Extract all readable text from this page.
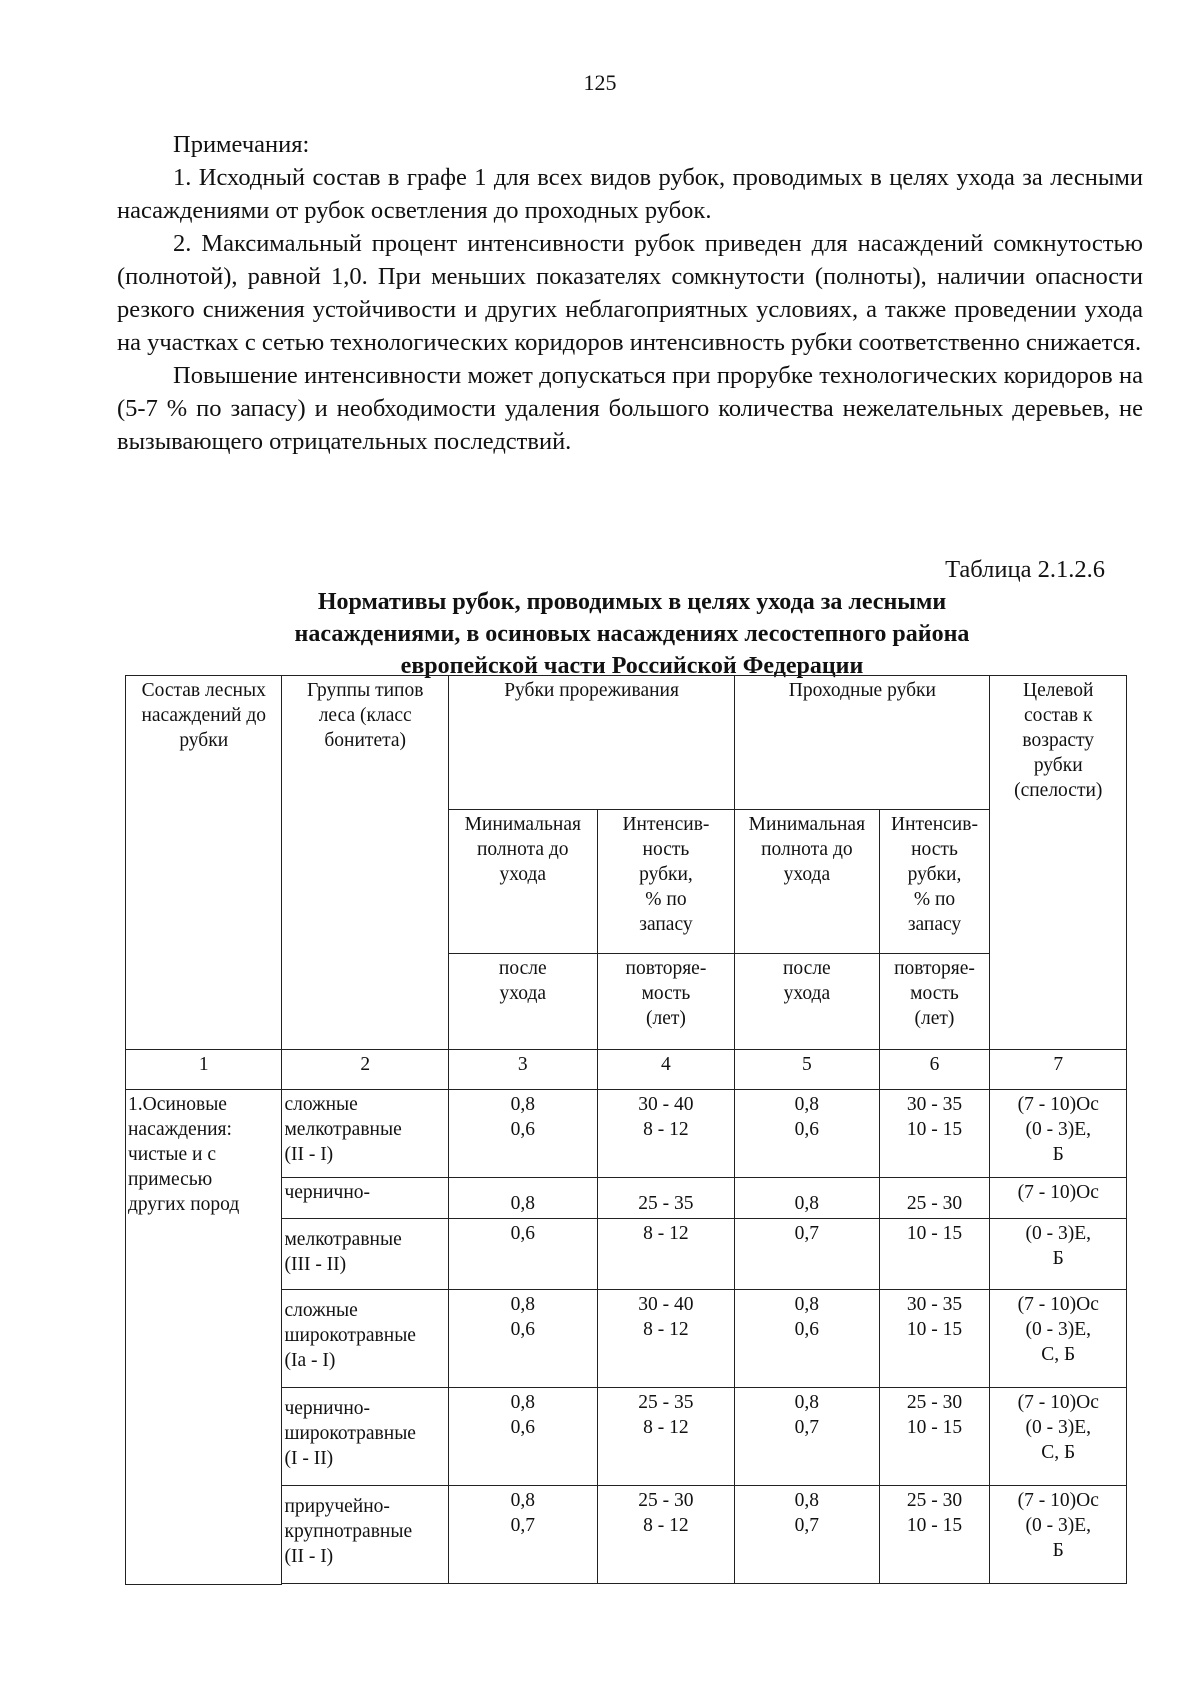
125

Примечания:

1. Исходный состав в графе 1 для всех видов рубок, проводимых в целях ухода за лесными насаждениями от рубок осветления до проходных рубок.

2. Максимальный процент интенсивности рубок приведен для насаждений сомкнутостью (полнотой), равной 1,0. При меньших показателях сомкнутости (полноты), наличии опасности резкого снижения устойчивости и других неблагоприятных условиях, а также проведении ухода на участках с сетью технологических коридоров интенсивность рубки соответственно снижается.

Повышение интенсивности может допускаться при прорубке технологических коридоров на (5-7 % по запасу) и необходимости удаления большого количества нежелательных деревьев, не вызывающего отрицательных последствий.

Таблица 2.1.2.6
Нормативы рубок, проводимых в целях ухода за лесными
насаждениями, в осиновых насаждениях лесостепного района
европейской части Российской Федерации
Состав лесных
насаждений до
рубки	Группы типов
леса (класс
бонитета)	Рубки прореживания		Проходные рубки		Целевой
состав к
возрасту
рубки
(спелости)
		Минимальная
полнота до
ухода	Интенсив-
ность
рубки,
% по
запасу	Минимальная
полнота до
ухода	Интенсив-
ность
рубки,
% по
запасу	
		после
ухода	повторяе-
мость
(лет)	после
ухода	повторяе-
мость
(лет)	
1	2	3	4	5	6	7
1.Осиновые
насаждения:
чистые и с
примесью
других пород	сложные
мелкотравные
(II - I)	0,8
0,6	30 - 40
8 - 12	0,8
0,6	30 - 35
10 - 15	(7 - 10)Ос
(0 - 3)Е,
Б
	чернично-	0,8	25 - 35	0,8	25 - 30	(7 - 10)Ос
	мелкотравные
(III - II)	0,6	8 - 12	0,7	10 - 15	(0 - 3)Е,
Б
	сложные
широкотравные
(Ia - I)	0,8
0,6	30 - 40
8 - 12	0,8
0,6	30 - 35
10 - 15	(7 - 10)Ос
(0 - 3)Е,
С, Б
	чернично-
широкотравные
(I - II)	0,8
0,6	25 - 35
8 - 12	0,8
0,7	25 - 30
10 - 15	(7 - 10)Ос
(0 - 3)Е,
С, Б
	приручейно-
крупнотравные
(II - I)	0,8
0,7	25 - 30
8 - 12	0,8
0,7	25 - 30
10 - 15	(7 - 10)Ос
(0 - 3)Е,
Б
